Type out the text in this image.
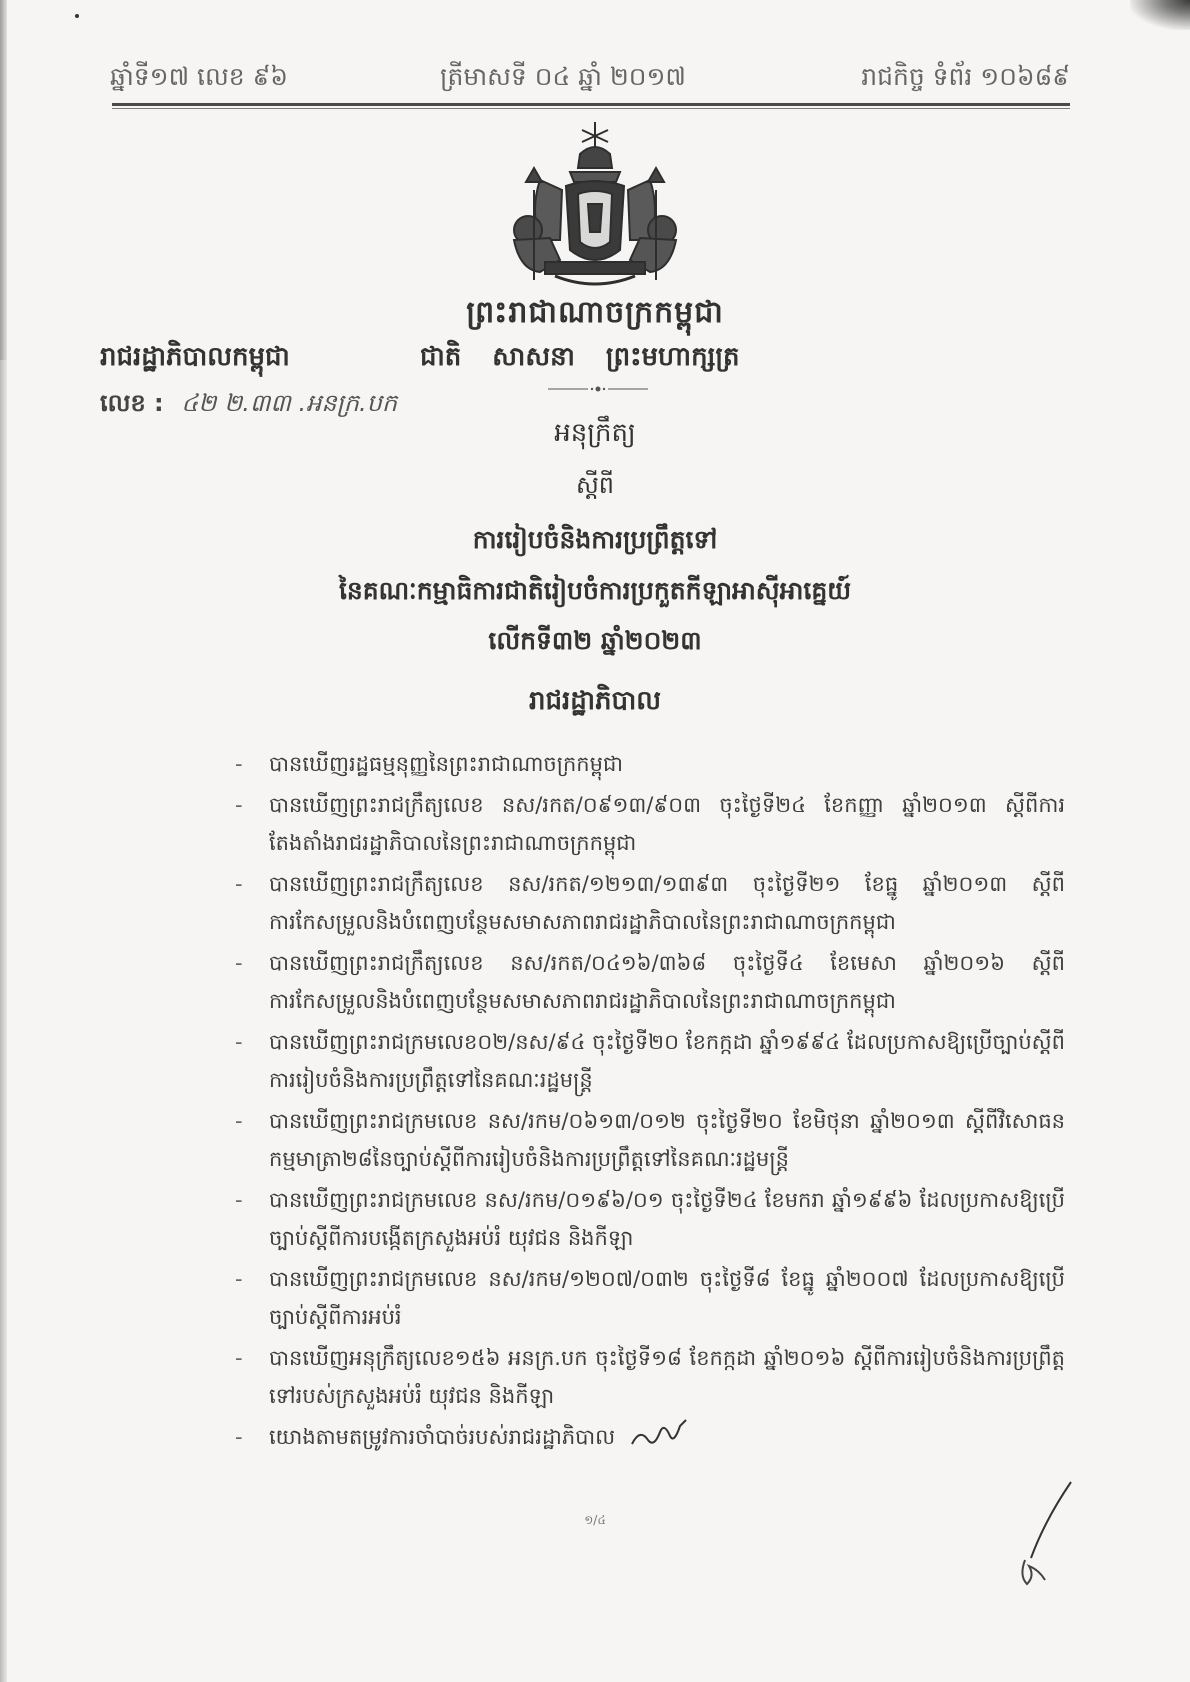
ឆ្នាំទី១៧ លេខ ៩៦	ត្រីមាសទី ០៤ ឆ្នាំ ២០១៧	រាជកិច្ច ទំព័រ ១០៦៨៩
ព្រះរាជាណាចក្រកម្ពុជា
រាជរដ្ឋាភិបាលកម្ពុជា	ជាតិ សាសនា ព្រះមហាក្សត្រ
លេខ : ៤២ ២.៣៣ .អនក្រ.បក
អនុក្រឹត្យ
ស្តីពី
ការរៀបចំនិងការប្រព្រឹត្តទៅ
នៃគណៈកម្មាធិការជាតិរៀបចំការប្រកួតកីឡាអាស៊ីអាគ្នេយ៍
លើកទី៣២ ឆ្នាំ២០២៣
រាជរដ្ឋាភិបាល
- បានឃើញរដ្ឋធម្មនុញ្ញនៃព្រះរាជាណាចក្រកម្ពុជា
- បានឃើញព្រះរាជក្រឹត្យលេខ នស/រកត/០៩១៣/៩០៣ ចុះថ្ងៃទី២៤ ខែកញ្ញា ឆ្នាំ២០១៣ ស្តីពីការតែងតាំងរាជរដ្ឋាភិបាលនៃព្រះរាជាណាចក្រកម្ពុជា
- បានឃើញព្រះរាជក្រឹត្យលេខ នស/រកត/១២១៣/១៣៩៣ ចុះថ្ងៃទី២១ ខែធ្នូ ឆ្នាំ២០១៣ ស្តីពីការកែសម្រួលនិងបំពេញបន្ថែមសមាសភាពរាជរដ្ឋាភិបាលនៃព្រះរាជាណាចក្រកម្ពុជា
- បានឃើញព្រះរាជក្រឹត្យលេខ នស/រកត/០៤១៦/៣៦៨ ចុះថ្ងៃទី៤ ខែមេសា ឆ្នាំ២០១៦ ស្តីពីការកែសម្រួលនិងបំពេញបន្ថែមសមាសភាពរាជរដ្ឋាភិបាលនៃព្រះរាជាណាចក្រកម្ពុជា
- បានឃើញព្រះរាជក្រមលេខ០២/នស/៩៤ ចុះថ្ងៃទី២០ ខែកក្កដា ឆ្នាំ១៩៩៤ ដែលប្រកាសឱ្យប្រើច្បាប់ស្តីពីការរៀបចំនិងការប្រព្រឹត្តទៅនៃគណៈរដ្ឋមន្ត្រី
- បានឃើញព្រះរាជក្រមលេខ នស/រកម/០៦១៣/០១២ ចុះថ្ងៃទី២០ ខែមិថុនា ឆ្នាំ២០១៣ ស្តីពីវិសោធនកម្មមាត្រា២៨នៃច្បាប់ស្តីពីការរៀបចំនិងការប្រព្រឹត្តទៅនៃគណៈរដ្ឋមន្ត្រី
- បានឃើញព្រះរាជក្រមលេខ នស/រកម/០១៩៦/០១ ចុះថ្ងៃទី២៤ ខែមករា ឆ្នាំ១៩៩៦ ដែលប្រកាសឱ្យប្រើច្បាប់ស្តីពីការបង្កើតក្រសួងអប់រំ យុវជន និងកីឡា
- បានឃើញព្រះរាជក្រមលេខ នស/រកម/១២០៧/០៣២ ចុះថ្ងៃទី៨ ខែធ្នូ ឆ្នាំ២០០៧ ដែលប្រកាសឱ្យប្រើច្បាប់ស្តីពីការអប់រំ
- បានឃើញអនុក្រឹត្យលេខ១៥៦ អនក្រ.បក ចុះថ្ងៃទី១៨ ខែកក្កដា ឆ្នាំ២០១៦ ស្តីពីការរៀបចំនិងការប្រព្រឹត្តទៅរបស់ក្រសួងអប់រំ យុវជន និងកីឡា
- យោងតាមតម្រូវការចាំបាច់របស់រាជរដ្ឋាភិបាល
១/៤
